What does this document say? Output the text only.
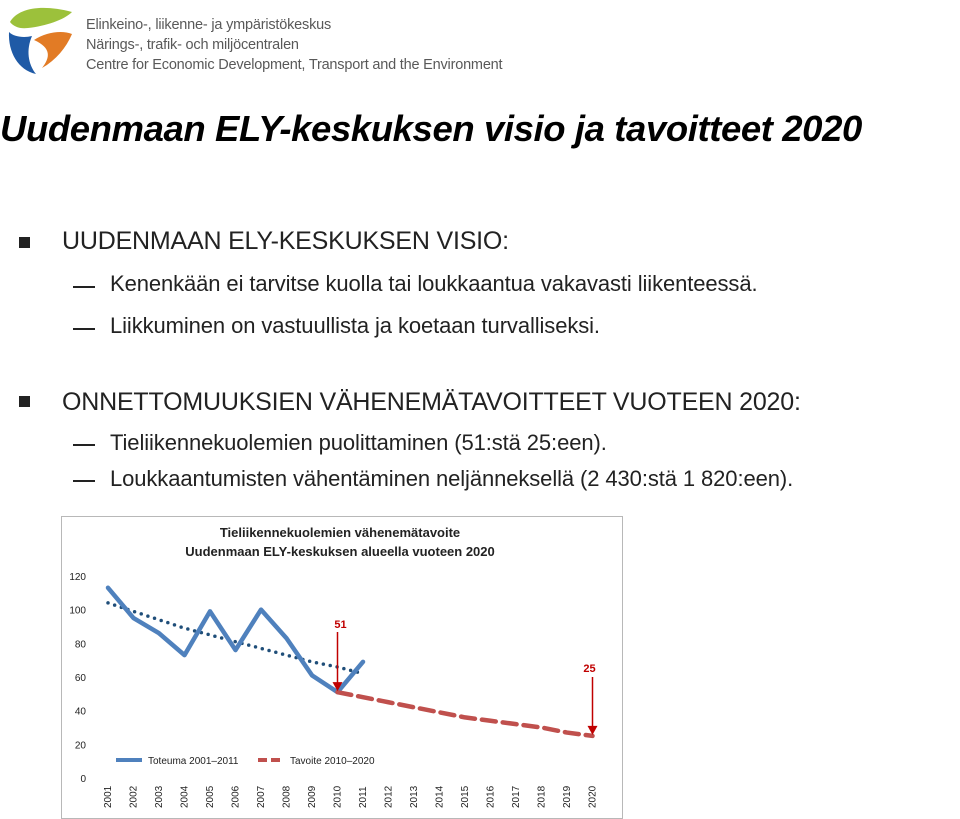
Elinkeino-, liikenne- ja ympäristökeskus
Närings-, trafik- och miljöcentralen
Centre for Economic Development, Transport and the Environment
Uudenmaan ELY-keskuksen visio ja tavoitteet 2020
UUDENMAAN ELY-KESKUKSEN VISIO:
Kenenkään ei tarvitse kuolla tai loukkaantua vakavasti liikenteessä.
Liikkuminen on vastuullista ja koetaan turvalliseksi.
ONNETTOMUUKSIEN VÄHENEMÄTAVOITTEET VUOTEEN 2020:
Tieliikennekuolemien puolittaminen (51:stä 25:een).
Loukkaantumisten vähentäminen neljänneksellä (2 430:stä 1 820:een).
Tieliikennekuolemien vähenemätavoite
Uudenmaan ELY-keskuksen alueella vuoteen 2020
0
20
40
60
80
100
120
2001 2002 2003 2004 2005 2006 2007 2008 2009 2010 2011 2012 2013 2014 2015 2016 2017 2018 2019 2020
51
25
Toteuma 2001–2011	Tavoite 2010–2020
